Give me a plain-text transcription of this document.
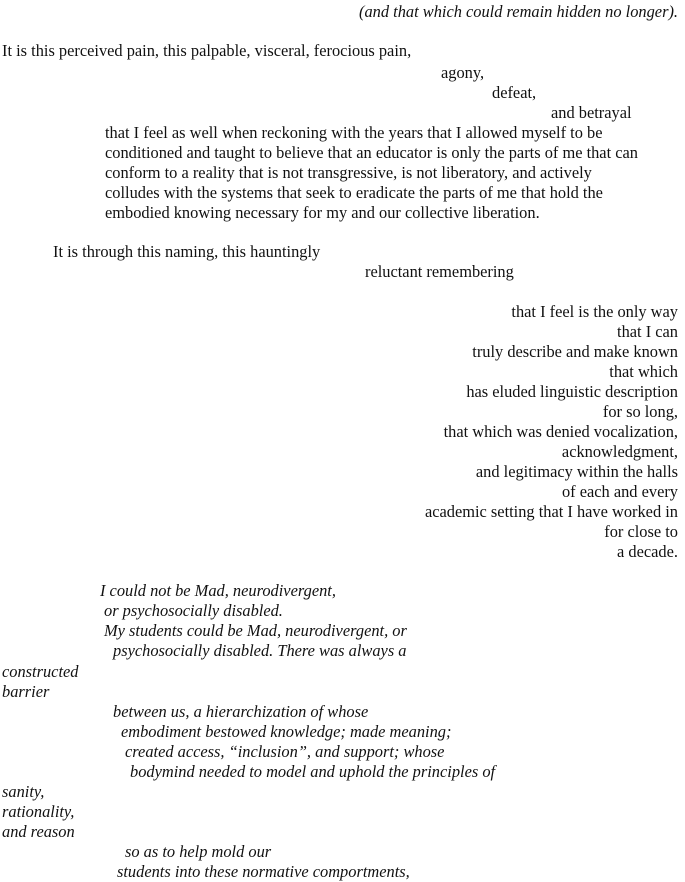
(and that which could remain hidden no longer).
It is this perceived pain, this palpable, visceral, ferocious pain,
agony,
defeat,
and betrayal
that I feel as well when reckoning with the years that I allowed myself to be
conditioned and taught to believe that an educator is only the parts of me that can
conform to a reality that is not transgressive, is not liberatory, and actively
colludes with the systems that seek to eradicate the parts of me that hold the
embodied knowing necessary for my and our collective liberation.
It is through this naming, this hauntingly
reluctant remembering
that I feel is the only way
that I can
truly describe and make known
that which
has eluded linguistic description
for so long,
that which was denied vocalization,
acknowledgment,
and legitimacy within the halls
of each and every
academic setting that I have worked in
for close to
a decade.
I could not be Mad, neurodivergent,
or psychosocially disabled.
My students could be Mad, neurodivergent, or
psychosocially disabled. There was always a
constructed
barrier
between us, a hierarchization of whose
embodiment bestowed knowledge; made meaning;
created access, “inclusion”, and support; whose
bodymind needed to model and uphold the principles of
sanity,
rationality,
and reason
so as to help mold our
students into these normative comportments,
